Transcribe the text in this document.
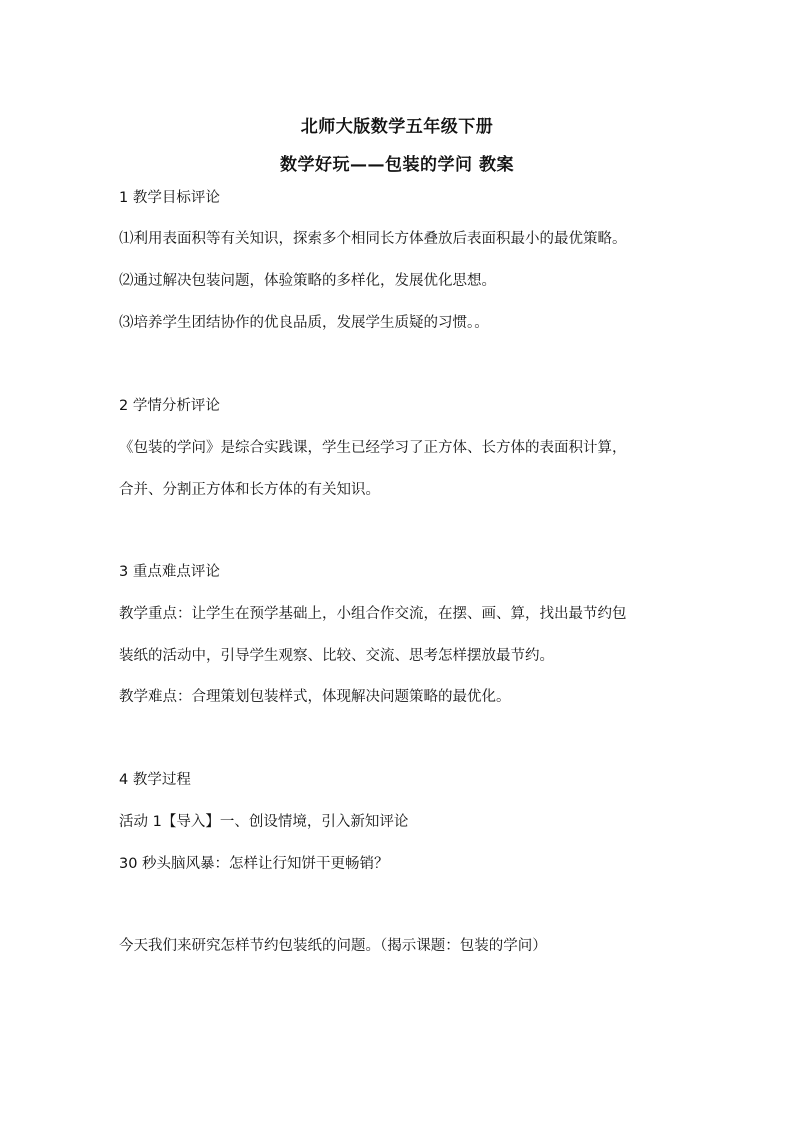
北师大版数学五年级下册
数学好玩——包装的学问 教案
1 教学目标评论
⑴利用表面积等有关知识，探索多个相同长方体叠放后表面积最小的最优策略。
⑵通过解决包装问题，体验策略的多样化，发展优化思想。
⑶培养学生团结协作的优良品质，发展学生质疑的习惯。。
2 学情分析评论
《包装的学问》是综合实践课，学生已经学习了正方体、长方体的表面积计算，
合并、分割正方体和长方体的有关知识。
3 重点难点评论
教学重点：让学生在预学基础上，小组合作交流，在摆、画、算，找出最节约包
装纸的活动中，引导学生观察、比较、交流、思考怎样摆放最节约。
教学难点：合理策划包装样式，体现解决问题策略的最优化。
4 教学过程
活动 1【导入】一、创设情境，引入新知评论
30 秒头脑风暴：怎样让行知饼干更畅销？
今天我们来研究怎样节约包装纸的问题。（揭示课题：包装的学问）
